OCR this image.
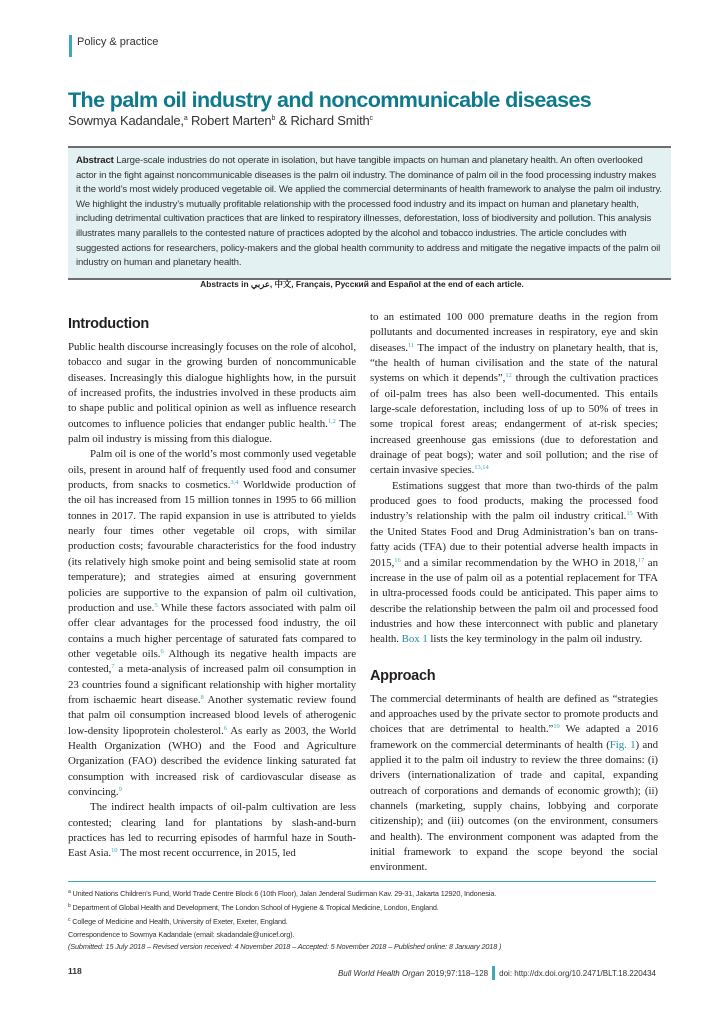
Policy & practice
The palm oil industry and noncommunicable diseases
Sowmya Kadandale,$^a$ Robert Marten$^b$ & Richard Smith$^c$
Abstract Large-scale industries do not operate in isolation, but have tangible impacts on human and planetary health. An often overlooked actor in the fight against noncommunicable diseases is the palm oil industry. The dominance of palm oil in the food processing industry makes it the world’s most widely produced vegetable oil. We applied the commercial determinants of health framework to analyse the palm oil industry. We highlight the industry’s mutually profitable relationship with the processed food industry and its impact on human and planetary health, including detrimental cultivation practices that are linked to respiratory illnesses, deforestation, loss of biodiversity and pollution. This analysis illustrates many parallels to the contested nature of practices adopted by the alcohol and tobacco industries. The article concludes with suggested actions for researchers, policy-makers and the global health community to address and mitigate the negative impacts of the palm oil industry on human and planetary health.
Abstracts in عربي, 中文, Français, Русский and Español at the end of each article.
Introduction

Public health discourse increasingly focuses on the role of alcohol, tobacco and sugar in the growing burden of noncommunicable diseases. Increasingly this dialogue highlights how, in the pursuit of increased profits, the industries involved in these products aim to shape public and political opinion as well as influence research outcomes to influence policies that endanger public health.$^{1,2}$ The palm oil industry is missing from this dialogue.

Palm oil is one of the world’s most commonly used vegetable oils, present in around half of frequently used food and consumer products, from snacks to cosmetics.$^{3,4}$ Worldwide production of the oil has increased from 15 million tonnes in 1995 to 66 million tonnes in 2017. The rapid expansion in use is attributed to yields nearly four times other vegetable oil crops, with similar production costs; favourable characteristics for the food industry (its relatively high smoke point and being semisolid state at room temperature); and strategies aimed at ensuring government policies are supportive to the expansion of palm oil cultivation, production and use.$^5$ While these factors associated with palm oil offer clear advantages for the processed food industry, the oil contains a much higher percentage of saturated fats compared to other vegetable oils.$^6$ Although its negative health impacts are contested,$^7$ a meta-analysis of increased palm oil consumption in 23 countries found a significant relationship with higher mortality from ischaemic heart disease.$^8$ Another systematic review found that palm oil consumption increased blood levels of atherogenic low-density lipoprotein cholesterol.$^6$ As early as 2003, the World Health Organization (WHO) and the Food and Agriculture Organization (FAO) described the evidence linking saturated fat consumption with increased risk of cardiovascular disease as convincing.$^9$

The indirect health impacts of oil-palm cultivation are less contested; clearing land for plantations by slash-and-burn practices has led to recurring episodes of harmful haze in South-East Asia.$^{10}$ The most recent occurrence, in 2015, led

to an estimated 100 000 premature deaths in the region from pollutants and documented increases in respiratory, eye and skin diseases.$^{11}$ The impact of the industry on planetary health, that is, “the health of human civilisation and the state of the natural systems on which it depends”,$^{12}$ through the cultivation practices of oil-palm trees has also been well-documented. This entails large-scale deforestation, including loss of up to 50% of trees in some tropical forest areas; endangerment of at-risk species; increased greenhouse gas emissions (due to deforestation and drainage of peat bogs); water and soil pollution; and the rise of certain invasive species.$^{13,14}$

Estimations suggest that more than two-thirds of the palm produced goes to food products, making the processed food industry’s relationship with the palm oil industry critical.$^{15}$ With the United States Food and Drug Administration’s ban on trans-fatty acids (TFA) due to their potential adverse health impacts in 2015,16 and a similar recommendation by the WHO in 2018,17 an increase in the use of palm oil as a potential replacement for TFA in ultra-processed foods could be anticipated. This paper aims to describe the relationship between the palm oil and processed food industries and how these interconnect with public and planetary health. Box 1 lists the key terminology in the palm oil industry.

Approach

The commercial determinants of health are defined as “strategies and approaches used by the private sector to promote products and choices that are detrimental to health.”$^{19}$ We adapted a 2016 framework on the commercial determinants of health (Fig. 1) and applied it to the palm oil industry to review the three domains: (i) drivers (internationalization of trade and capital, expanding outreach of corporations and demands of economic growth); (ii) channels (marketing, supply chains, lobbying and corporate citizenship); and (iii) outcomes (on the environment, consumers and health). The environment component was adapted from the initial framework to expand the scope beyond the social environment.

$^a$ United Nations Children’s Fund, World Trade Centre Block 6 (10th Floor), Jalan Jenderal Sudirman Kav. 29-31, Jakarta 12920, Indonesia.
$^b$ Department of Global Health and Development, The London School of Hygiene & Tropical Medicine, London, England.
$^c$ College of Medicine and Health, University of Exeter, Exeter, England.
Correspondence to Sowmya Kadandale (email: skadandale@unicef.org).
(Submitted: 15 July 2018 – Revised version received: 4 November 2018 – Accepted: 5 November 2018 – Published online: 8 January 2018 )
118	Bull World Health Organ 2019;97:118–128 doi: http://dx.doi.org/10.2471/BLT.18.220434
